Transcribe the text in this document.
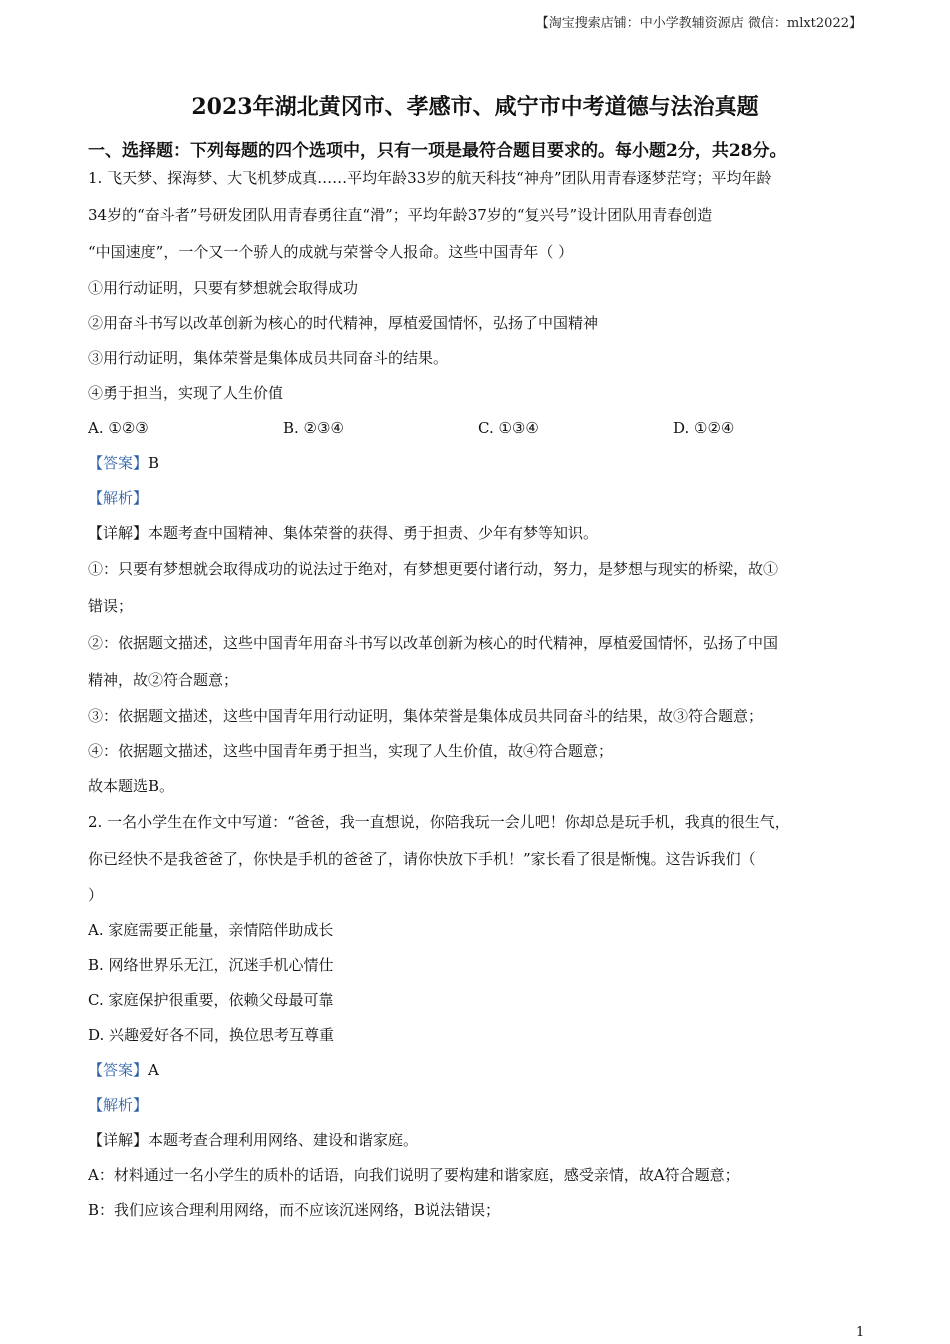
【淘宝搜索店铺：中小学教辅资源店 微信：mlxt2022】
2023年湖北黄冈市、孝感市、咸宁市中考道德与法治真题
一、选择题：下列每题的四个选项中，只有一项是最符合题目要求的。每小题2分，共28分。
1. 飞天梦、探海梦、大飞机梦成真……平均年龄33岁的航天科技“神舟”团队用青春逐梦茫穹；平均年龄
34岁的“奋斗者”号研发团队用青春勇往直“滑”；平均年龄37岁的“复兴号”设计团队用青春创造
“中国速度”，一个又一个骄人的成就与荣誉令人报命。这些中国青年（ ）
①用行动证明，只要有梦想就会取得成功
②用奋斗书写以改革创新为核心的时代精神，厚植爱国情怀，弘扬了中国精神
③用行动证明，集体荣誉是集体成员共同奋斗的结果。
④勇于担当，实现了人生价值
A. ①②③	B. ②③④	C. ①③④	D. ①②④
【答案】B
【解析】
【详解】本题考查中国精神、集体荣誉的获得、勇于担责、少年有梦等知识。
①：只要有梦想就会取得成功的说法过于绝对，有梦想更要付诸行动，努力，是梦想与现实的桥梁，故①
错误；
②：依据题文描述，这些中国青年用奋斗书写以改革创新为核心的时代精神，厚植爱国情怀，弘扬了中国
精神，故②符合题意；
③：依据题文描述，这些中国青年用行动证明，集体荣誉是集体成员共同奋斗的结果，故③符合题意；
④：依据题文描述，这些中国青年勇于担当，实现了人生价值，故④符合题意；
故本题选B。
2. 一名小学生在作文中写道：“爸爸，我一直想说，你陪我玩一会儿吧！你却总是玩手机，我真的很生气，
你已经快不是我爸爸了，你快是手机的爸爸了，请你快放下手机！”家长看了很是惭愧。这告诉我们（
）
A. 家庭需要正能量，亲情陪伴助成长
B. 网络世界乐无江，沉迷手机心情仕
C. 家庭保护很重要，依赖父母最可靠
D. 兴趣爱好各不同，换位思考互尊重
【答案】A
【解析】
【详解】本题考查合理利用网络、建设和谐家庭。
A：材料通过一名小学生的质朴的话语，向我们说明了要构建和谐家庭，感受亲情，故A符合题意；
B：我们应该合理利用网络，而不应该沉迷网络，B说法错误；
1
